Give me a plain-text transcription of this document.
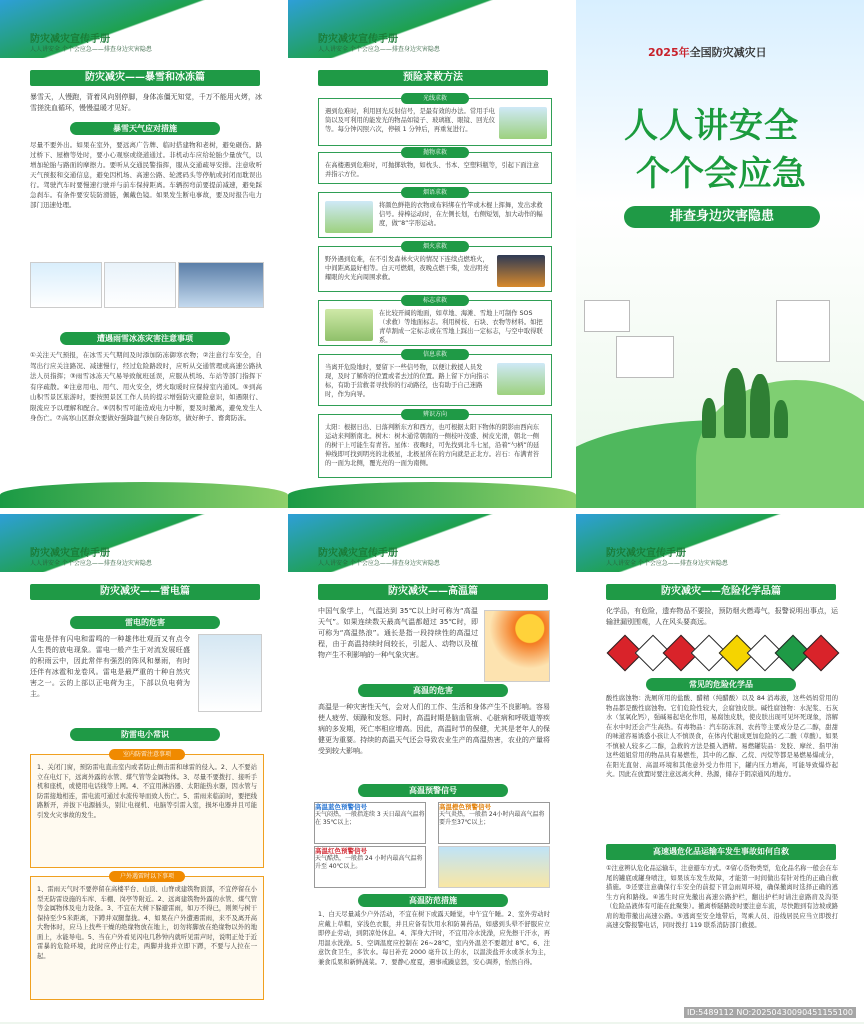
防灾减灾宣传手册
人人讲安全 个个会应急——排查身边灾害隐患
防灾减灾——暴雪和冰冻篇
暴雪天，人慢跑，背着风向别停脚，身体冻僵无知觉，千万不能用火烤，冰雪搓洗血循环，慢慢温暖才见好。
暴雪天气应对措施
尽量不要外出。如果在室外，要远离广告牌、临时搭建物和老树，避免砸伤。路过桥下、屋檐等处时，要小心观察或绕道通过。非机动车应给轮胎少量放气，以增加轮胎与路面的摩擦力。要听从交通民警指挥，服从交通疏导安排。注意收听天气预报和交通信息，避免因机场、高速公路、轮渡码头等停航或封闭而耽误出行。驾驶汽车时要慢速行驶并与前车保持距离。车辆拐弯前要提前减速，避免踩急刹车。有条件要安装防滑链，佩戴色镜。如果发生断电事故，要及时报告电力部门迅速处理。
遭遇雨雪冰冻灾害注意事项
①关注天气预报，在冰雪天气期间及时添加防冻御寒衣物；②注意行车安全，自驾出行应关注路况、减速慢行，经过危险路段时，应听从交通管理或高速公路执法人员指挥；③雨雪冰冻天气易导致航班延误，应服从机场、车站等部门指挥下有序疏散。④注意用电、用气、用火安全，烤火取暖时应保持室内通风。⑤到高山积雪景区旅游时，要按照景区工作人员的提示增强防灾避险意识，如遇限行、限流应予以理解和配合。⑥因积雪可能造成电力中断，要及时撤离，避免发生人身伤亡。⑦高寒山区群众要做好强降温气候自身防寒，做好种子、畜禽防冻。
防灾减灾宣传手册
人人讲安全 个个会应急——排查身边灾害隐患
预险求救方法
光线求救
遇到危难时，利用回光反射信号，是最有效的办法。常用手电筒以及可利用的能发光的物品如镜子、玻璃瓶、眼镜、回光仪等。每分钟闪照六次，停顿 1 分钟后，再重复进行。
抛物求救
在高楼遇到危难时，可抛掷软物，如枕头、书本、空塑料瓶等，引起下面注意并指示方位。
烟语求救
将颜色鲜艳的衣物或布料绑在竹竿或木棍上挥舞，发出求救信号。持棒运动时，在左侧长划，右侧短划，加大动作的幅度，做“8”字形运动。
烟火求救
野外遇到危难，在不引发森林火灾的情况下连续点燃堆火，中间距离最好相等。白天可燃烟，夜晚点燃干柴，发出明亮耀眼的火光向周围求救。
标志求救
在比较开阔的地面，如草地、海滩、雪地上可制作 SOS（求救）等地面标志。利用树枝、石块、衣物等材料。如把青草割成一定标志或在雪地上踩出一定标志，与空中取得联系。
信息求救
当离开危险地时，要留下一些信号物，以便让救援人员发现，及时了解你的位置或者去过的位置。路上留下方向指示标，有助于营救者寻找你的行动路径，也有助于自己迷路时，作为向导。
辨识方向
太阳：根据日出、日落判断东方和西方，也可根据太阳下物体的阴影由西向东运动来判断南北。树木：树木通常朝南的一侧枝叶茂盛、树皮光滑，朝北一侧的树干上可能生有青苔。星体：夜晚时，可先找到北斗七星，沿着“勺柄”的延伸线即可找到明亮的北极星，北极星所在的方向就是正北方。岩石：布满青苔的一面为北侧，覆光亮的一面为南侧。
2025年全国防灾减灾日
人人讲安全
个个会应急
排查身边灾害隐患
防灾减灾宣传手册
人人讲安全 个个会应急——排查身边灾害隐患
防灾减灾——雷电篇
雷电的危害
雷电是伴有闪电和雷鸣的一种雄伟壮观而又有点令人生畏的放电现象。雷电一般产生于对流发展旺盛的积雨云中，因此常伴有强烈的阵风和暴雨，有时还伴有冰雹和龙卷风。雷电是最严重的十种自然灾害之一。云的上部以正电荷为主，下部以负电荷为主。
防雷电小常识
室内防雷注意事项
1、关闭门窗，预防雷电直击室内或者防止侧击雷和球雷的侵入。2、人不要站立在电灯下，远离外露的水管、煤气管等金属物体。3、尽量不要拨打、接听手机和座机，或使用电话线等上网。4、不宜用淋浴器、太阳能热水器，因水管与防雷接地相连，雷电流可通过水流传导而致人伤亡。5、雷雨来临前时，要把线路断开，并拔下电源插头，别让电视机、电脑等引雷入室，损坏电器并且可能引发火灾事故的发生。
户外遇雷时以下事项
1、雷雨天气时不要停留在高楼平台、山顶、山脊或建筑物顶部，不宜停留在小型无防雷设施的车库、车棚、岗亭等附近。2、远离建筑物外露的水管、煤气管等金属物体及电力设备。3、不宜在大树下躲避雷雨，如万不得已，则须与树干保持至少5米距离，下蹲并双腿靠拢。4、如果在户外遭遇雷雨，来不及离开高大物体时，应马上找些干燥的绝缘物放在地上，切勿将脚放在绝缘物以外的地面上，水能导电。5、当在户外看见闪电几秒钟内就听见雷声时，说明正处于近雷暴的危险环境，此时应停止行走，两脚并拢并立即下蹲，不要与人拉在一起。
昵图网
防灾减灾宣传手册
人人讲安全 个个会应急——排查身边灾害隐患
防灾减灾——高温篇
中国气象学上，气温达到 35℃以上时可称为“高温天气”。如果连续数天最高气温都超过 35℃时，即可称为“高温热浪”。通长是指一段持续性的高温过程，由于高温持续时间较长，引起人、动物以及植物产生不利影响的一种气象灾害。
高温的危害
高温是一种灾害性天气，会对人们的工作、生活和身体产生不良影响。容易使人疲劳、烦躁和发怒。同时，高温时期是脑血管病、心脏病和呼吸道等疾病的多发期，死亡率相应增高。因此，高温时节的保健，尤其是老年人的保健更为重要。持续的高温天气还会导致农业生产的高温热害，农业的产量将受到较大影响。
高温预警信号
高温蓝色预警信号
天气闷热，一般指连续 3 天日最高气温将在 35℃以上；
高温橙色预警信号
天气炎热，一般指 24小时内最高气温将要升至37℃以上；
高温红色预警信号
天气酷热，一般指 24 小时内最高气温将升至 40℃以上。
高温防范措施
1、白天尽量减少户外活动，不宜在树下或露天睡觉，中午宜午睡。2、室外劳动时应戴上草帽，穿浅色衣服，并且应备有饮用水和防暑药品，如感到头晕不舒服应立即停止劳动，到阴凉处休息。4、浑身大汗时，不宜用冷水洗澡，应先擦干汗水，再用温水洗澡。5、空调温度应控制在 26~28℃，室内外温差不要超过 8℃。6、注意饮食卫生，多饮水。每日补充 2000 毫升以上的水，以温淡盐开水或茶水为主，兼食瓜果和新鲜蔬菜。7、要静心度夏，遇事戒躁息怒，安心调养，怡然自得。
防灾减灾宣传手册
人人讲安全 个个会应急——排查身边灾害隐患
防灾减灾——危险化学品篇
化学品，有危险，遗弃物品不要捡，预防烟火燃毒气，报警说明出事点，运输泄漏别围观，人在风头要高远。
常见的危险化学品
酸性腐蚀物：洗厕所用的盐酸、醋精（纯醋酸）以及 84 消毒液，这些妈妈常用的物品都是酸性腐蚀物。它们危险性较大，会腐蚀皮肤。碱性腐蚀物：水泥浆、石灰水（氢氧化钙），强碱易起皂化作用，易腐蚀皮肤，使皮肤出现可见坏死现象，溶解在水中时还会产生高热。有毒物品：汽车防冻剂、农药等主要成分是乙二醇，甜甜的味道容易诱惑小孩让人不慎误食，在体内代谢成更加危险的乙二酸（草酸）。如果不慎被人较多乙二醇，急救的方法是摄入酒精。易燃罐装品：发胶、摩丝、指甲油这些姐姐常用的物品具有易燃性，其中的乙醇、乙烷、丙烷等都是易燃易爆成分，在阳光直射、高温环境和其他意外受力作用下，罐内压力增高，可能导致爆炸起火。因此在放置时要注意远离火种、热源，储存于阴凉通风的地方。
高速遇危化品运输车发生事故如何自救
①注意辨认危化品运输车，注意避车方式。②留心货物类型，危化品名称一般会在车尾的罐底或罐身喷注，如果该车发生故障，才能第一时间做出有针对性的正确自救措施。③还要注意确保行车安全的前提下冒急雨周环境，确保撤离时选择正确的逃生方向和路线。④逃生时应先撤出高速公路护栏，翻出护栏时请注意路肩及沟渠（危险品液体有可能在此聚集）。撤离桥隧路段时要注意车流，尽快跑到有边坡或路肩的地带撤出高速公路。⑤逃离至安全地带后，驾乘人员、沿线居民应当立即拨打高速交警报警电话，同时拨打 119 联系消防部门救援。
ID:5489112 NO:20250430090451155100
